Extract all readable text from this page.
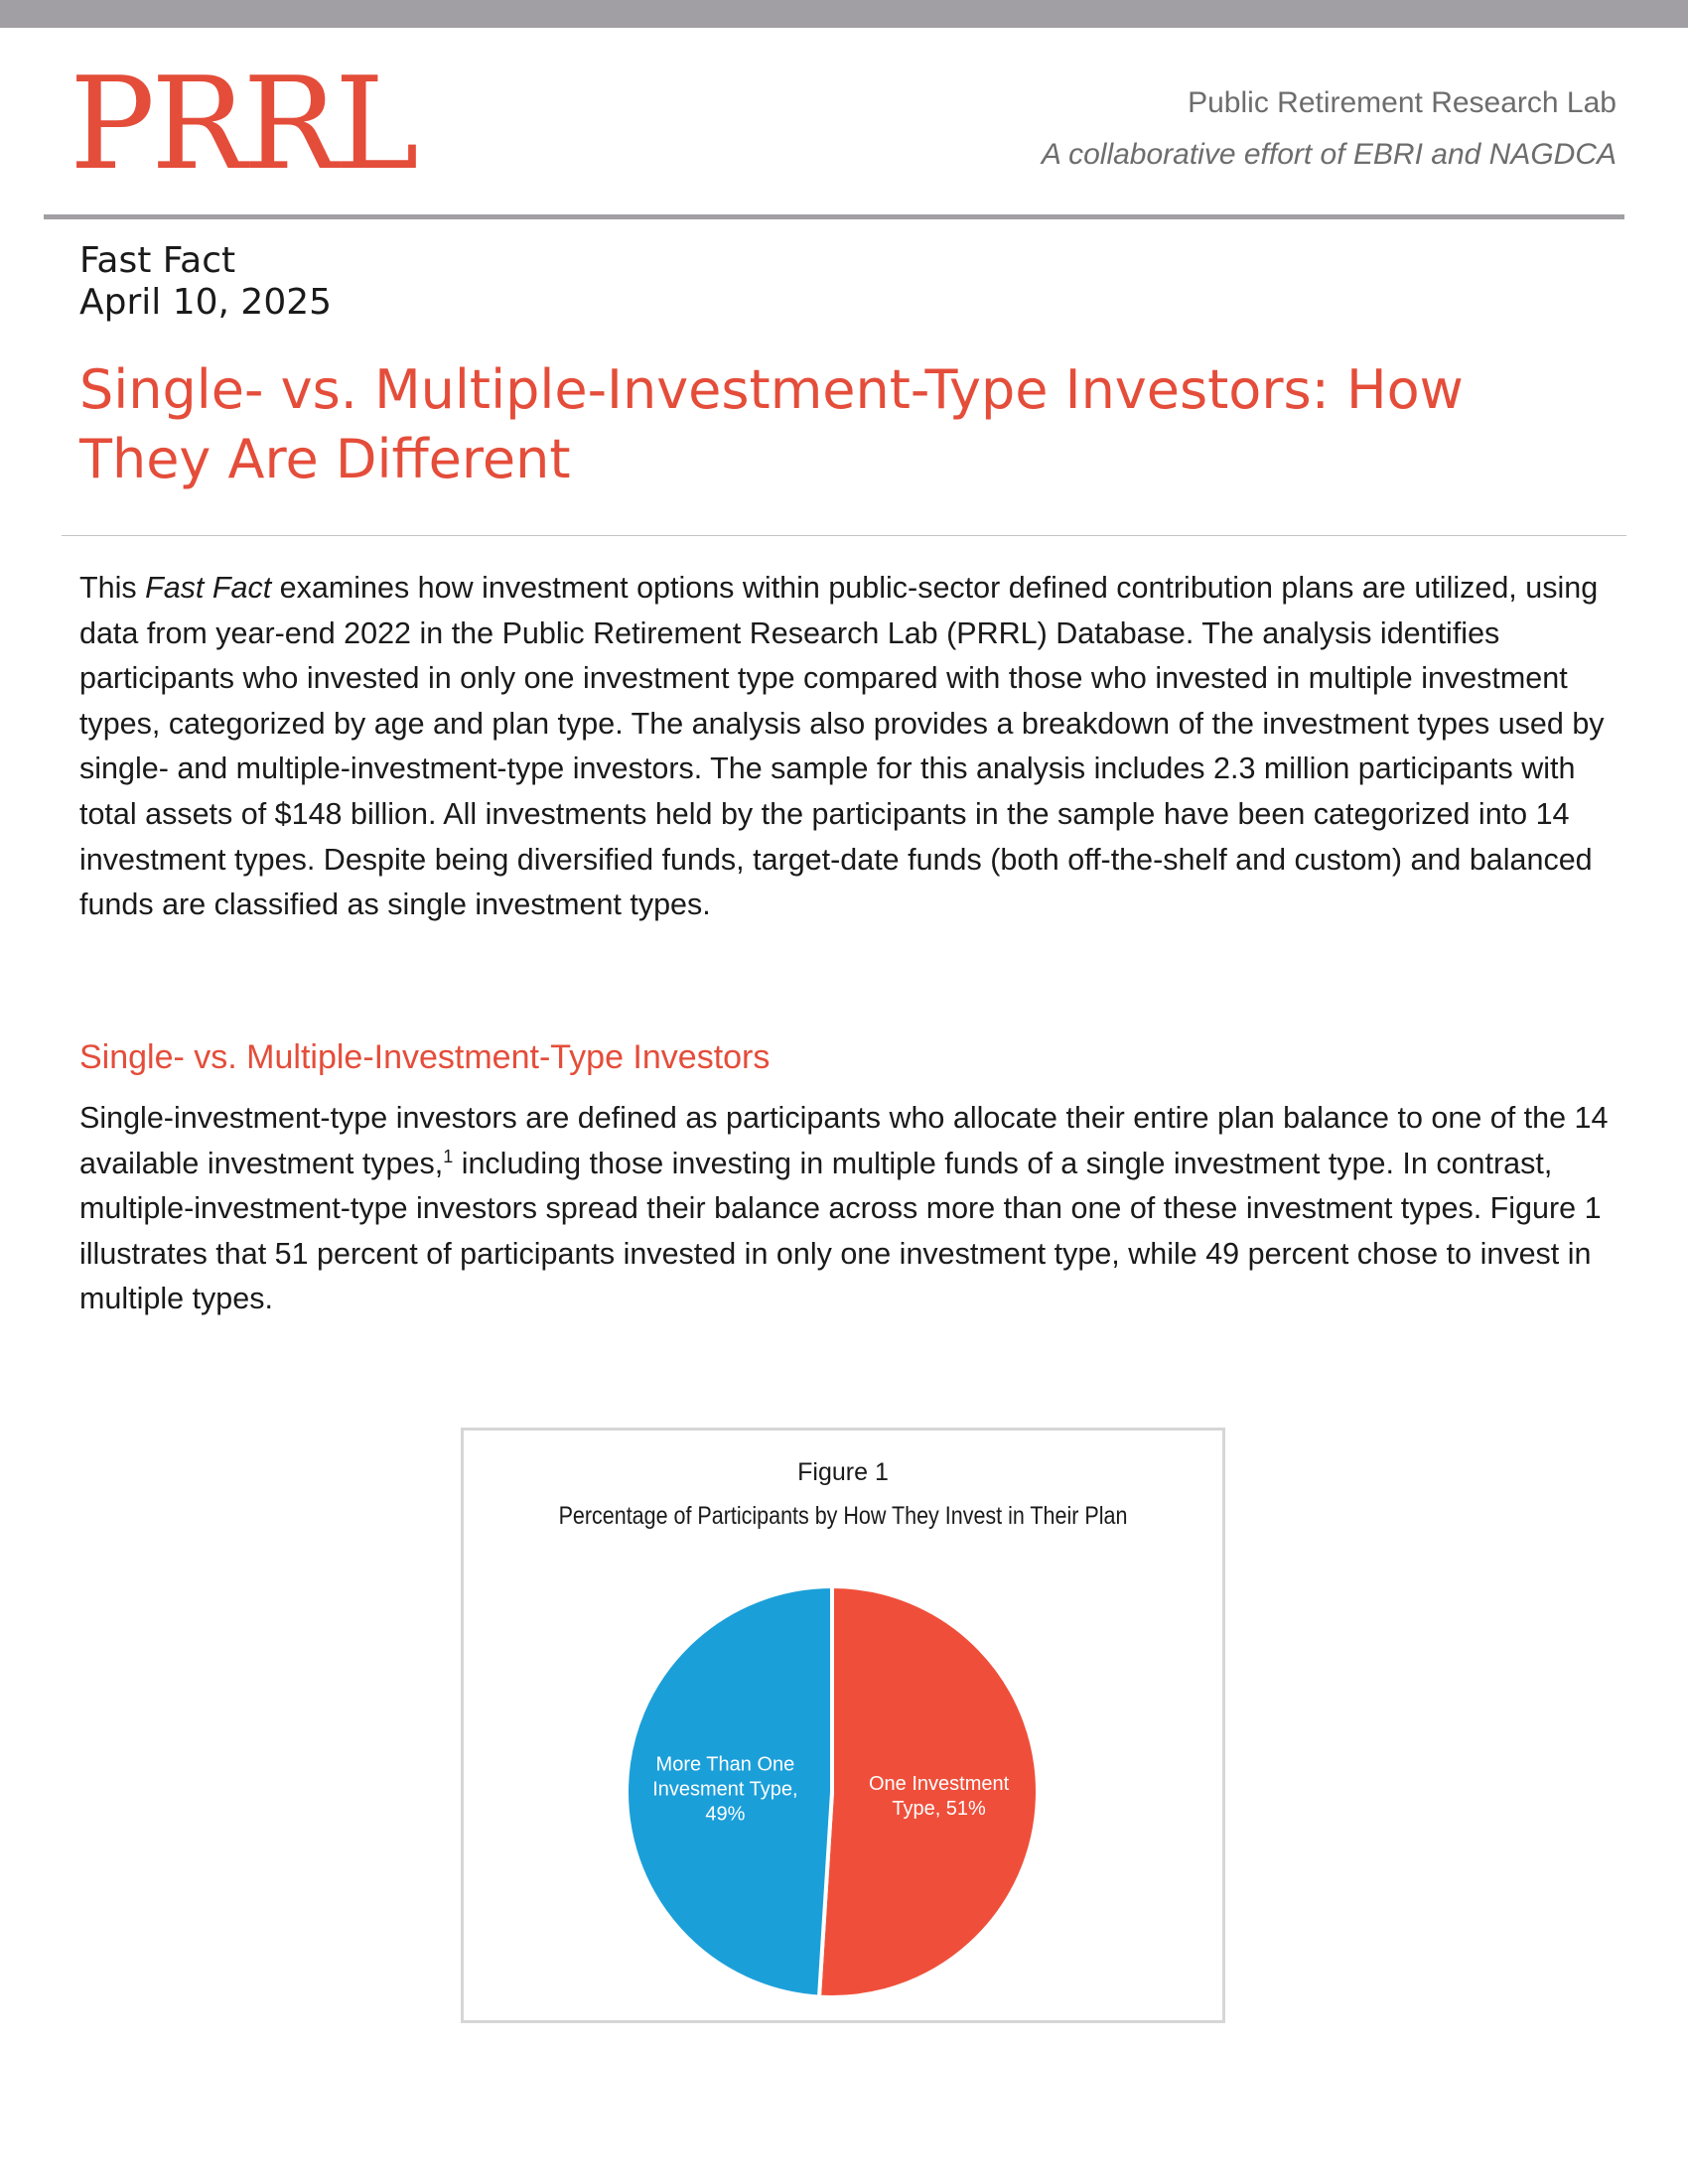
PRRL	Public Retirement Research Lab
A collaborative effort of EBRI and NAGDCA
Fast Fact
April 10, 2025
Single- vs. Multiple-Investment-Type Investors: How They Are Different

This Fast Fact examines how investment options within public-sector defined contribution plans are utilized, using data from year-end 2022 in the Public Retirement Research Lab (PRRL) Database. The analysis identifies participants who invested in only one investment type compared with those who invested in multiple investment types, categorized by age and plan type. The analysis also provides a breakdown of the investment types used by single- and multiple-investment-type investors. The sample for this analysis includes 2.3 million participants with total assets of $148 billion. All investments held by the participants in the sample have been categorized into 14 investment types. Despite being diversified funds, target-date funds (both off-the-shelf and custom) and balanced funds are classified as single investment types.

Single- vs. Multiple-Investment-Type Investors

Single-investment-type investors are defined as participants who allocate their entire plan balance to one of the 14 available investment types,$^1$ including those investing in multiple funds of a single investment type. In contrast, multiple-investment-type investors spread their balance across more than one of these investment types. Figure 1 illustrates that 51 percent of participants invested in only one investment type, while 49 percent chose to invest in multiple types.

Figure 1
Percentage of Participants by How They Invest in Their Plan
One Investment Type, 51%
More Than One Invesment Type, 49%
